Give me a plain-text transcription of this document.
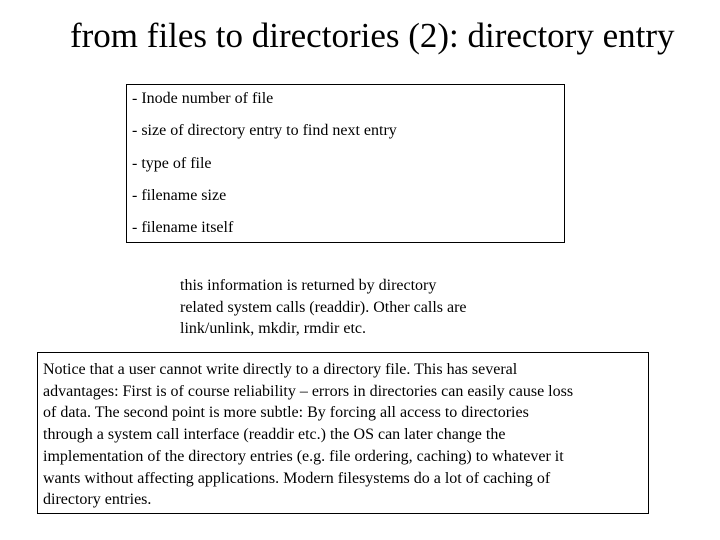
from files to directories (2): directory entry
- Inode number of file
- size of directory entry to find next entry
- type of file
- filename size
- filename itself
this information is returned by directory
related system calls (readdir). Other calls are
link/unlink, mkdir, rmdir etc.
Notice that a user cannot write directly to a directory file. This has several
advantages: First is of course reliability – errors in directories can easily cause loss
of data. The second point is more subtle: By forcing all access to directories
through a system call interface (readdir etc.) the OS can later change the
implementation of the directory entries (e.g. file ordering, caching) to whatever it
wants without affecting applications. Modern filesystems do a lot of caching of
directory entries.
